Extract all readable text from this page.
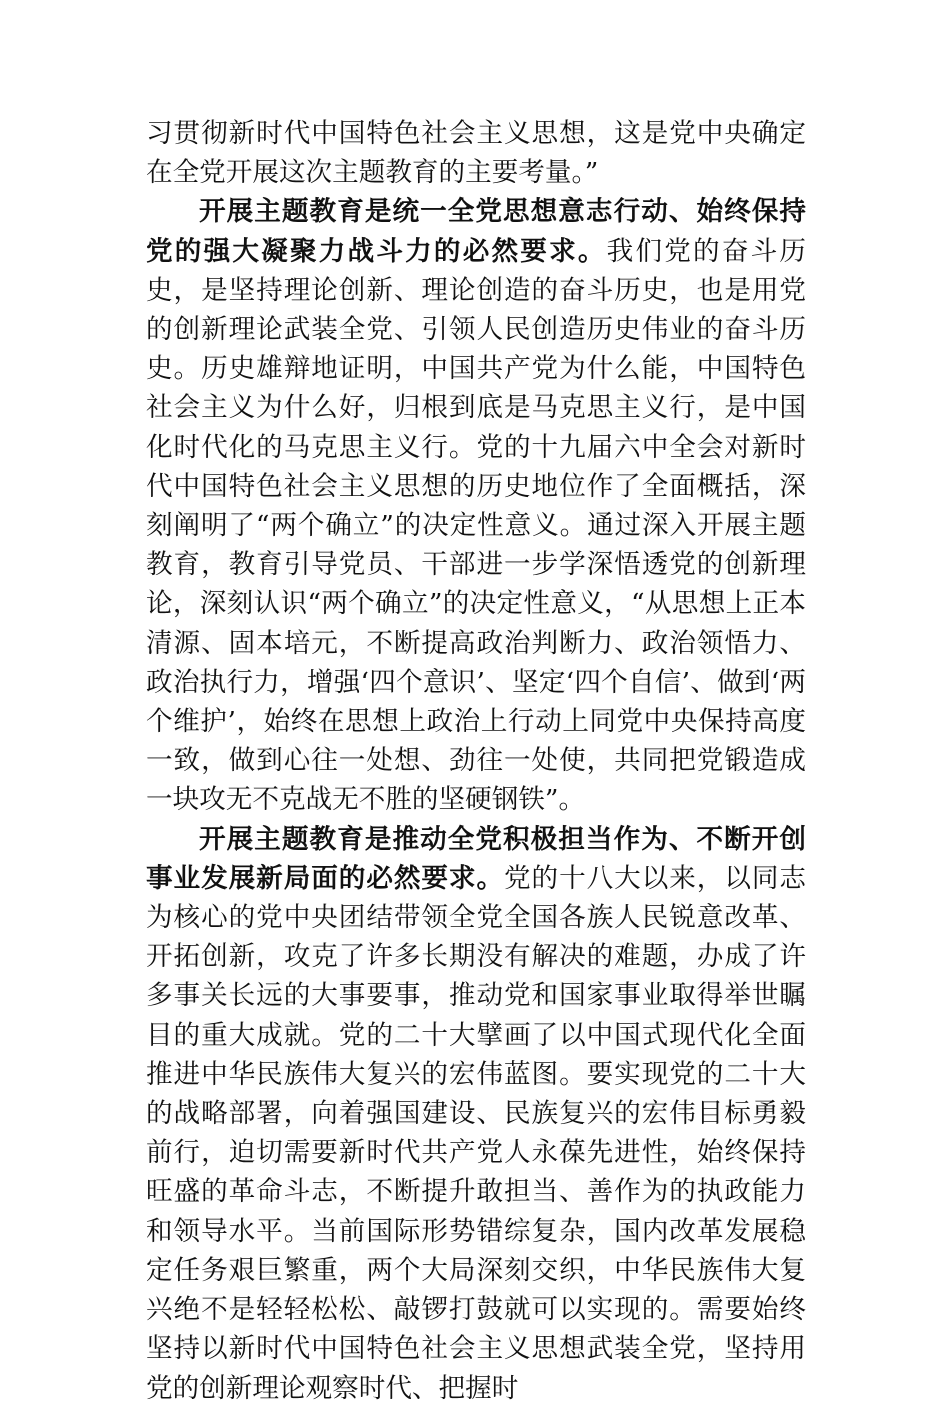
习贯彻新时代中国特色社会主义思想，这是党中央确定在全党开展这次主题教育的主要考量。”

开展主题教育是统一全党思想意志行动、始终保持党的强大凝聚力战斗力的必然要求。我们党的奋斗历史，是坚持理论创新、理论创造的奋斗历史，也是用党的创新理论武装全党、引领人民创造历史伟业的奋斗历史。历史雄辩地证明，中国共产党为什么能，中国特色社会主义为什么好，归根到底是马克思主义行，是中国化时代化的马克思主义行。党的十九届六中全会对新时代中国特色社会主义思想的历史地位作了全面概括，深刻阐明了“两个确立”的决定性意义。通过深入开展主题教育，教育引导党员、干部进一步学深悟透党的创新理论，深刻认识“两个确立”的决定性意义，“从思想上正本清源、固本培元，不断提高政治判断力、政治领悟力、政治执行力，增强‘四个意识’、坚定‘四个自信’、做到‘两个维护’，始终在思想上政治上行动上同党中央保持高度一致，做到心往一处想、劲往一处使，共同把党锻造成一块攻无不克战无不胜的坚硬钢铁”。

开展主题教育是推动全党积极担当作为、不断开创事业发展新局面的必然要求。党的十八大以来，以同志为核心的党中央团结带领全党全国各族人民锐意改革、开拓创新，攻克了许多长期没有解决的难题，办成了许多事关长远的大事要事，推动党和国家事业取得举世瞩目的重大成就。党的二十大擘画了以中国式现代化全面推进中华民族伟大复兴的宏伟蓝图。要实现党的二十大的战略部署，向着强国建设、民族复兴的宏伟目标勇毅前行，迫切需要新时代共产党人永葆先进性，始终保持旺盛的革命斗志，不断提升敢担当、善作为的执政能力和领导水平。当前国际形势错综复杂，国内改革发展稳定任务艰巨繁重，两个大局深刻交织，中华民族伟大复兴绝不是轻轻松松、敲锣打鼓就可以实现的。需要始终坚持以新时代中国特色社会主义思想武装全党，坚持用党的创新理论观察时代、把握时
